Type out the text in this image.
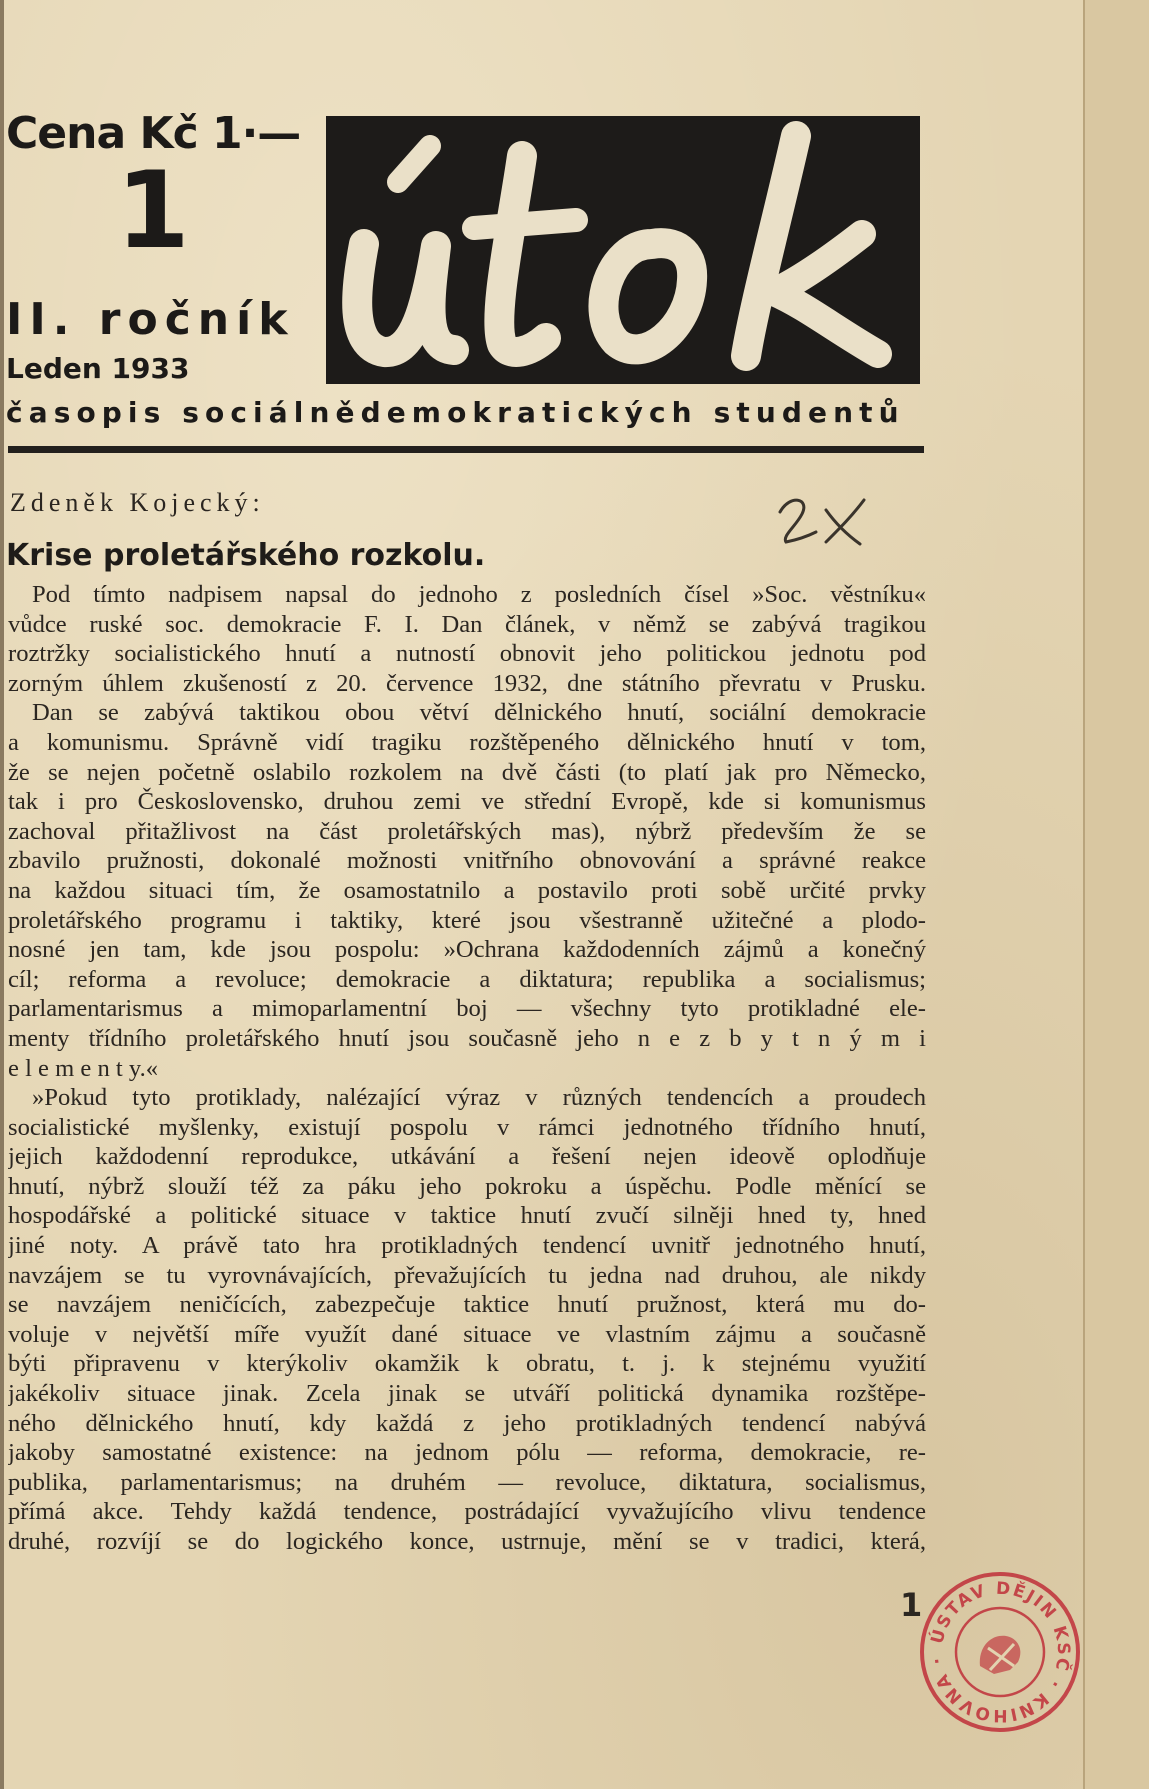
Cena Kč 1·—
1
II. ročník
Leden 1933
časopis sociálnědemokratických studentů
Zdeněk Kojecký:
Krise proletářského rozkolu.
Pod tímto nadpisem napsal do jednoho z posledních čísel »Soc. věstníku«
vůdce ruské soc. demokracie F. I. Dan článek, v němž se zabývá tragikou
roztržky socialistického hnutí a nutností obnovit jeho politickou jednotu pod
zorným úhlem zkušeností z 20. července 1932, dne státního převratu v Prusku.
Dan se zabývá taktikou obou větví dělnického hnutí, sociální demokracie
a komunismu. Správně vidí tragiku rozštěpeného dělnického hnutí v tom,
že se nejen početně oslabilo rozkolem na dvě části (to platí jak pro Německo,
tak i pro Československo, druhou zemi ve střední Evropě, kde si komunismus
zachoval přitažlivost na část proletářských mas), nýbrž především že se
zbavilo pružnosti, dokonalé možnosti vnitřního obnovování a správné reakce
na každou situaci tím, že osamostatnilo a postavilo proti sobě určité prvky
proletářského programu i taktiky, které jsou všestranně užitečné a plodo-
nosné jen tam, kde jsou pospolu: »Ochrana každodenních zájmů a konečný
cíl; reforma a revoluce; demokracie a diktatura; republika a socialismus;
parlamentarismus a mimoparlamentní boj — všechny tyto protikladné ele-
menty třídního proletářského hnutí jsou současně jeho n e z b y t n ý m i
e l e m e n t y.«
»Pokud tyto protiklady, nalézající výraz v různých tendencích a proudech
socialistické myšlenky, existují pospolu v rámci jednotného třídního hnutí,
jejich každodenní reprodukce, utkávání a řešení nejen ideově oplodňuje
hnutí, nýbrž slouží též za páku jeho pokroku a úspěchu. Podle měnící se
hospodářské a politické situace v taktice hnutí zvučí silněji hned ty, hned
jiné noty. A právě tato hra protikladných tendencí uvnitř jednotného hnutí,
navzájem se tu vyrovnávajících, převažujících tu jedna nad druhou, ale nikdy
se navzájem neničících, zabezpečuje taktice hnutí pružnost, která mu do-
voluje v největší míře využít dané situace ve vlastním zájmu a současně
býti připravenu v kterýkoliv okamžik k obratu, t. j. k stejnému využití
jakékoliv situace jinak. Zcela jinak se utváří politická dynamika rozštěpe-
ného dělnického hnutí, kdy každá z jeho protikladných tendencí nabývá
jakoby samostatné existence: na jednom pólu — reforma, demokracie, re-
publika, parlamentarismus; na druhém — revoluce, diktatura, socialismus,
přímá akce. Tehdy každá tendence, postrádající vyvažujícího vlivu tendence
druhé, rozvíjí se do logického konce, ustrnuje, mění se v tradici, která,
1
ÚSTAV DĚJIN KSČ · KNIHOVNA ·
